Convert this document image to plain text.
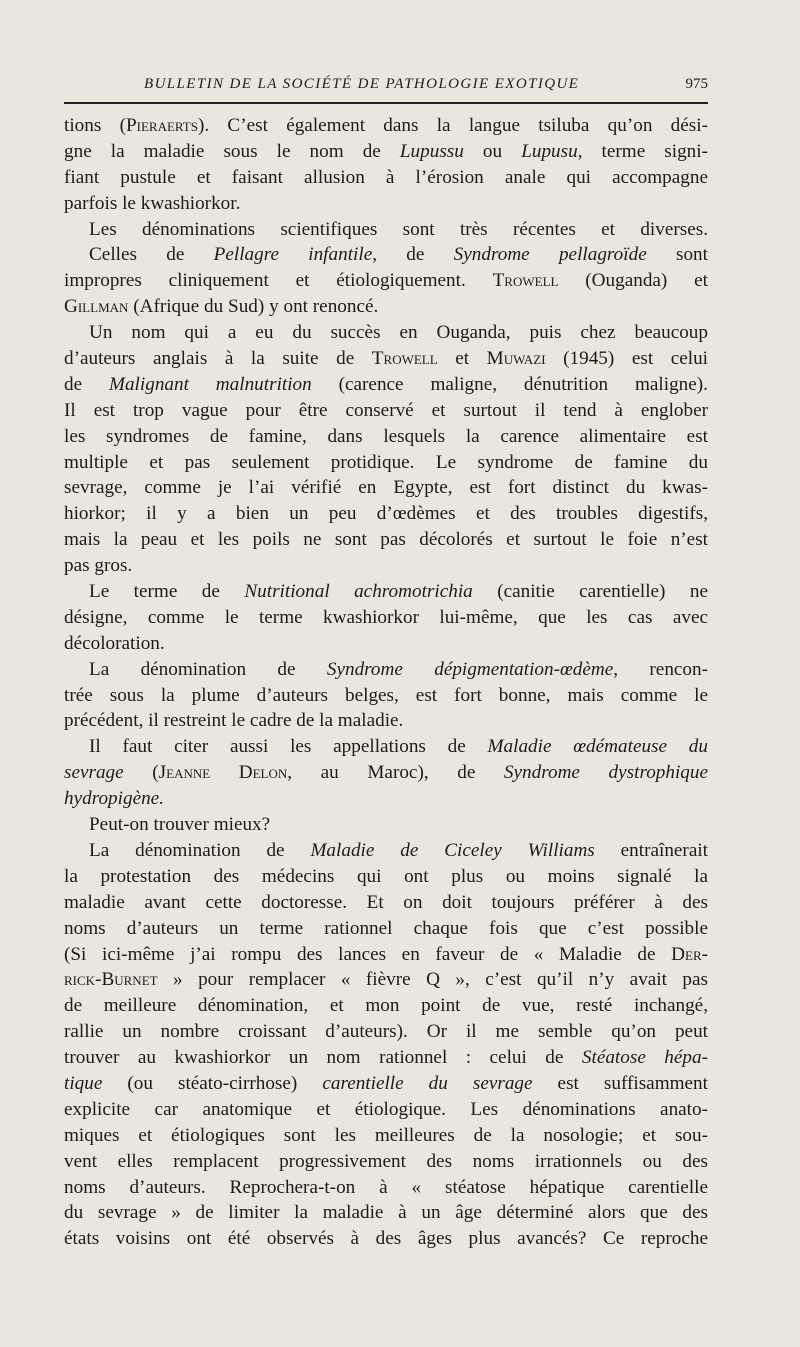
BULLETIN DE LA SOCIÉTÉ DE PATHOLOGIE EXOTIQUE	975
tions (Pieraerts). C’est également dans la langue tsiluba qu’on dési-
gne la maladie sous le nom de Lupussu ou Lupusu, terme signi-
fiant pustule et faisant allusion à l’érosion anale qui accompagne
parfois le kwashiorkor.
Les dénominations scientifiques sont très récentes et diverses.
Celles de Pellagre infantile, de Syndrome pellagroïde sont
impropres cliniquement et étiologiquement. Trowell (Ouganda) et
Gillman (Afrique du Sud) y ont renoncé.
Un nom qui a eu du succès en Ouganda, puis chez beaucoup
d’auteurs anglais à la suite de Trowell et Muwazi (1945) est celui
de Malignant malnutrition (carence maligne, dénutrition maligne).
Il est trop vague pour être conservé et surtout il tend à englober
les syndromes de famine, dans lesquels la carence alimentaire est
multiple et pas seulement protidique. Le syndrome de famine du
sevrage, comme je l’ai vérifié en Egypte, est fort distinct du kwas-
hiorkor; il y a bien un peu d’œdèmes et des troubles digestifs,
mais la peau et les poils ne sont pas décolorés et surtout le foie n’est
pas gros.
Le terme de Nutritional achromotrichia (canitie carentielle) ne
désigne, comme le terme kwashiorkor lui-même, que les cas avec
décoloration.
La dénomination de Syndrome dépigmentation-œdème, rencon-
trée sous la plume d’auteurs belges, est fort bonne, mais comme le
précédent, il restreint le cadre de la maladie.
Il faut citer aussi les appellations de Maladie œdémateuse du
sevrage (Jeanne Delon, au Maroc), de Syndrome dystrophique
hydropigène.
Peut-on trouver mieux?
La dénomination de Maladie de Ciceley Williams entraînerait
la protestation des médecins qui ont plus ou moins signalé la
maladie avant cette doctoresse. Et on doit toujours préférer à des
noms d’auteurs un terme rationnel chaque fois que c’est possible
(Si ici-même j’ai rompu des lances en faveur de « Maladie de Der-
rick-Burnet » pour remplacer « fièvre Q », c’est qu’il n’y avait pas
de meilleure dénomination, et mon point de vue, resté inchangé,
rallie un nombre croissant d’auteurs). Or il me semble qu’on peut
trouver au kwashiorkor un nom rationnel : celui de Stéatose hépa-
tique (ou stéato-cirrhose) carentielle du sevrage est suffisamment
explicite car anatomique et étiologique. Les dénominations anato-
miques et étiologiques sont les meilleures de la nosologie; et sou-
vent elles remplacent progressivement des noms irrationnels ou des
noms d’auteurs. Reprochera-t-on à « stéatose hépatique carentielle
du sevrage » de limiter la maladie à un âge déterminé alors que des
états voisins ont été observés à des âges plus avancés? Ce reproche
